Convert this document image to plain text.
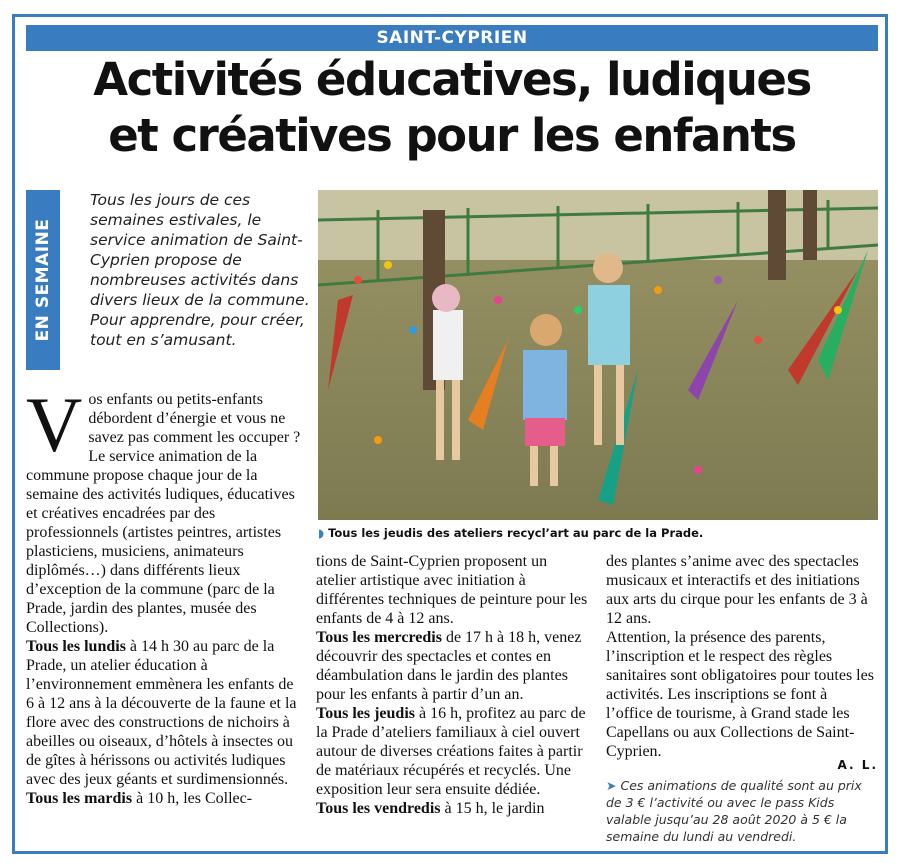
SAINT-CYPRIEN
Activités éducatives, ludiques
et créatives pour les enfants
EN SEMAINE

Tous les jours de ces semaines estivales, le service animation de Saint-Cyprien propose de nombreuses activités dans divers lieux de la commune. Pour apprendre, pour créer, tout en s’amusant.

◗ Tous les jeudis des ateliers recycl’art au parc de la Prade.

Vos enfants ou petits-enfants débordent d’énergie et vous ne savez pas comment les occuper ? Le service animation de la commune propose chaque jour de la semaine des activités ludiques, éducatives et créatives encadrées par des professionnels (artistes peintres, artistes plasticiens, musiciens, animateurs diplômés…) dans différents lieux d’exception de la commune (parc de la Prade, jardin des plantes, musée des Collections).

Tous les lundis à 14 h 30 au parc de la Prade, un atelier éducation à l’environnement emmènera les enfants de 6 à 12 ans à la découverte de la faune et la flore avec des constructions de nichoirs à abeilles ou oiseaux, d’hôtels à insectes ou de gîtes à hérissons ou activités ludiques avec des jeux géants et surdimensionnés.

Tous les mardis à 10 h, les Collec-

tions de Saint-Cyprien proposent un atelier artistique avec initiation à différentes techniques de peinture pour les enfants de 4 à 12 ans.

Tous les mercredis de 17 h à 18 h, venez découvrir des spectacles et contes en déambulation dans le jardin des plantes pour les enfants à partir d’un an.

Tous les jeudis à 16 h, profitez au parc de la Prade d’ateliers familiaux à ciel ouvert autour de diverses créations faites à partir de matériaux récupérés et recyclés. Une exposition leur sera ensuite dédiée.

Tous les vendredis à 15 h, le jardin

des plantes s’anime avec des spectacles musicaux et interactifs et des initiations aux arts du cirque pour les enfants de 3 à 12 ans.

Attention, la présence des parents, l’inscription et le respect des règles sanitaires sont obligatoires pour toutes les activités. Les inscriptions se font à l’office de tourisme, à Grand stade les Capellans ou aux Collections de Saint-Cyprien.

A. L.

➤ Ces animations de qualité sont au prix de 3 € l’activité ou avec le pass Kids valable jusqu’au 28 août 2020 à 5 € la semaine du lundi au vendredi.
